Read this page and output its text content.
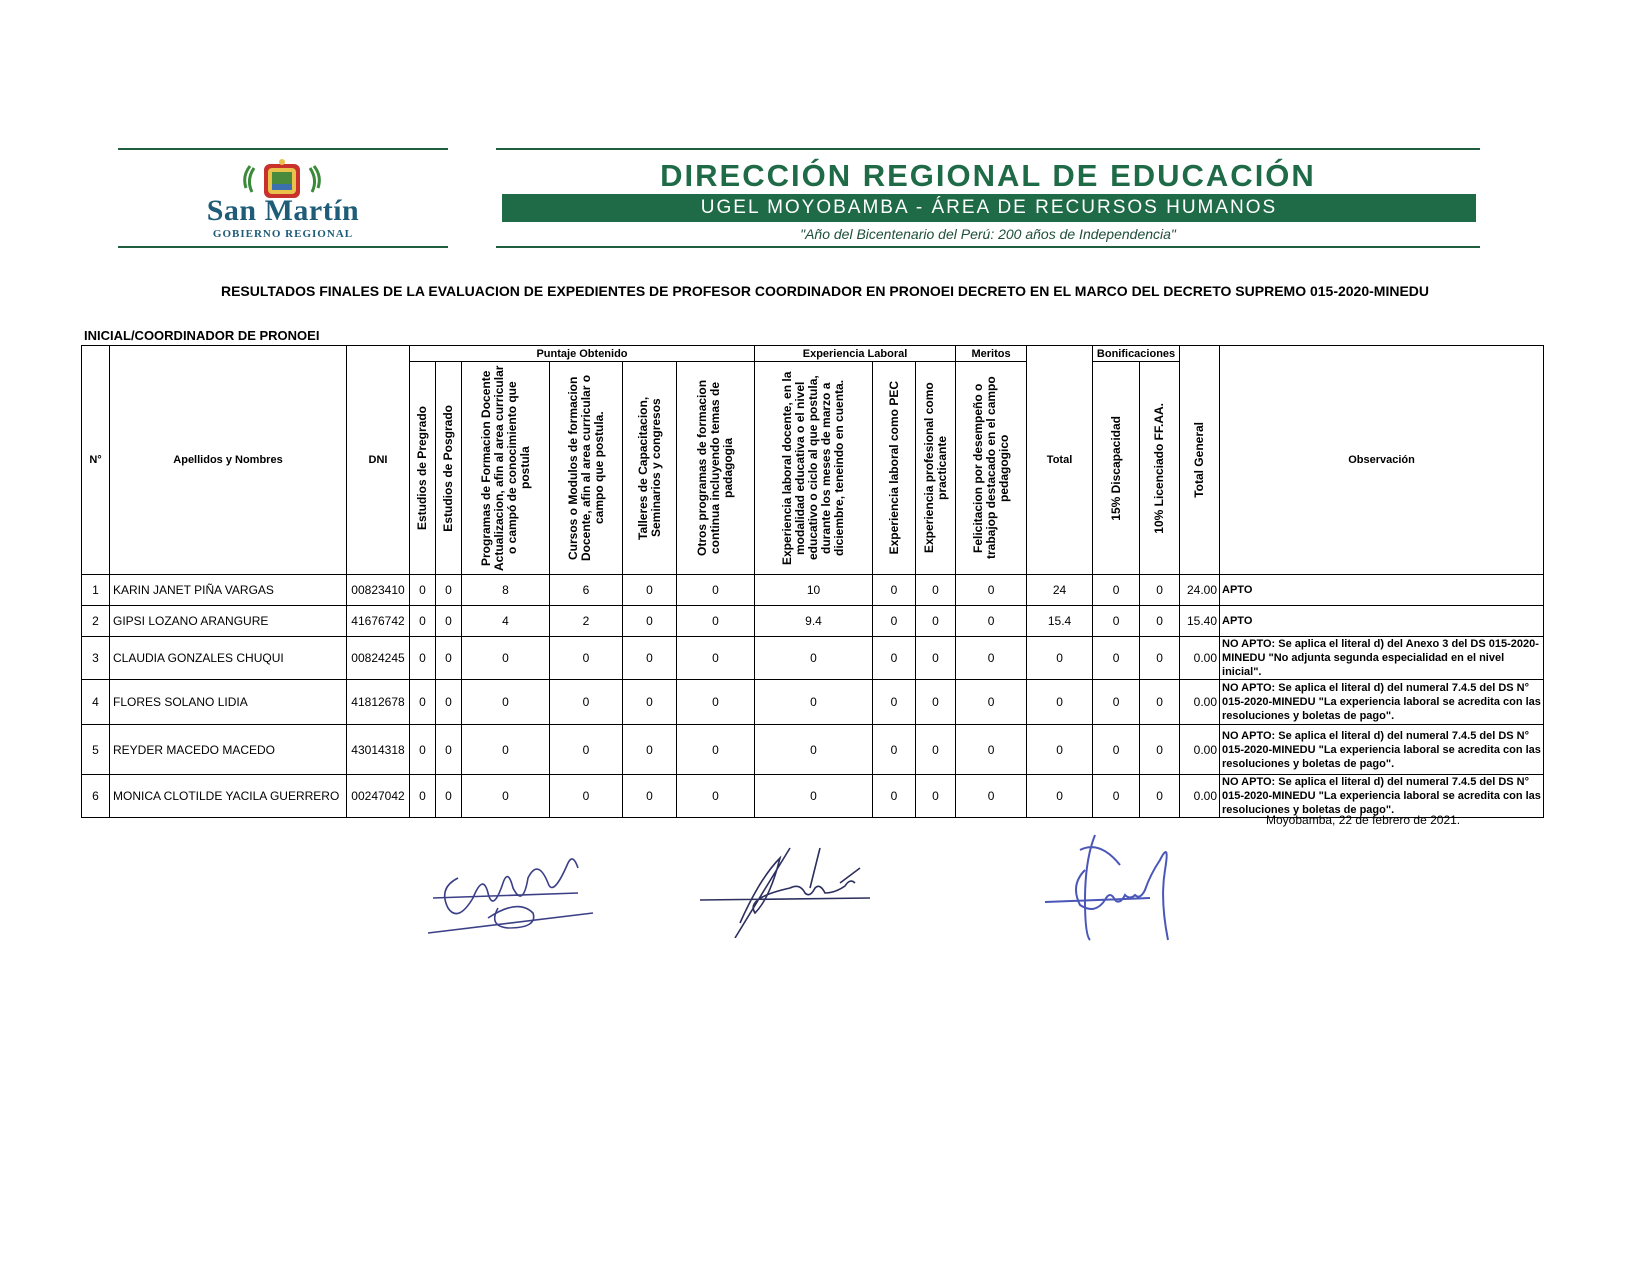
San Martín
GOBIERNO REGIONAL
DIRECCIÓN REGIONAL DE EDUCACIÓN
UGEL MOYOBAMBA - ÁREA DE RECURSOS HUMANOS
"Año del Bicentenario del Perú: 200 años de Independencia"
RESULTADOS FINALES DE LA EVALUACION DE EXPEDIENTES DE PROFESOR COORDINADOR EN PRONOEI DECRETO EN EL MARCO DEL DECRETO SUPREMO 015-2020-MINEDU
INICIAL/COORDINADOR DE PRONOEI
N°	Apellidos y Nombres	DNI	Puntaje Obtenido						Experiencia Laboral			Meritos	Total	Bonificaciones		Total General	Observación

			Estudios de Pregrado	Estudios de Posgrado	Programas de Formacion Docente Actualizacion, afin al area curricular o campó de conocimiento que postula	Cursos o Modulos de formacion Docente, afin al area curricular o campo que postula.	Talleres de Capacitacion, Seminarios y congresos	Otros programas de formacion continua incluyendo temas de padagogia	Experiencia laboral docente, en la modalidad educativa o el nivel educativo o ciclo al que postula, durante los meses de marzo a diciembre, teneindo en cuenta.	Experiencia laboral como PEC	Experiencia profesional como practicante	Felicitacion por desempeño o trabajop destacado en el campo pedagogico		15% Discapacidad	10% Licenciado FF.AA.		

1	KARIN JANET PIÑA VARGAS	00823410	0	0	8	6	0	0	10	0	0	0	24	0	0	24.00	APTO
2	GIPSI LOZANO ARANGURE	41676742	0	0	4	2	0	0	9.4	0	0	0	15.4	0	0	15.40	APTO
3	CLAUDIA GONZALES CHUQUI	00824245	0	0	0	0	0	0	0	0	0	0	0	0	0	0.00	NO APTO: Se aplica el literal d) del Anexo 3 del DS 015-2020-MINEDU "No adjunta segunda especialidad en el nivel inicial".
4	FLORES SOLANO LIDIA	41812678	0	0	0	0	0	0	0	0	0	0	0	0	0	0.00	NO APTO: Se aplica el literal d) del numeral 7.4.5 del DS N° 015-2020-MINEDU "La experiencia laboral se acredita con las resoluciones y boletas de pago".
5	REYDER MACEDO MACEDO	43014318	0	0	0	0	0	0	0	0	0	0	0	0	0	0.00	NO APTO: Se aplica el literal d) del numeral 7.4.5 del DS N° 015-2020-MINEDU "La experiencia laboral se acredita con las resoluciones y boletas de pago".
6	MONICA CLOTILDE YACILA GUERRERO	00247042	0	0	0	0	0	0	0	0	0	0	0	0	0	0.00	NO APTO: Se aplica el literal d) del numeral 7.4.5 del DS N° 015-2020-MINEDU "La experiencia laboral se acredita con las resoluciones y boletas de pago".
Moyobamba, 22 de febrero de 2021.
